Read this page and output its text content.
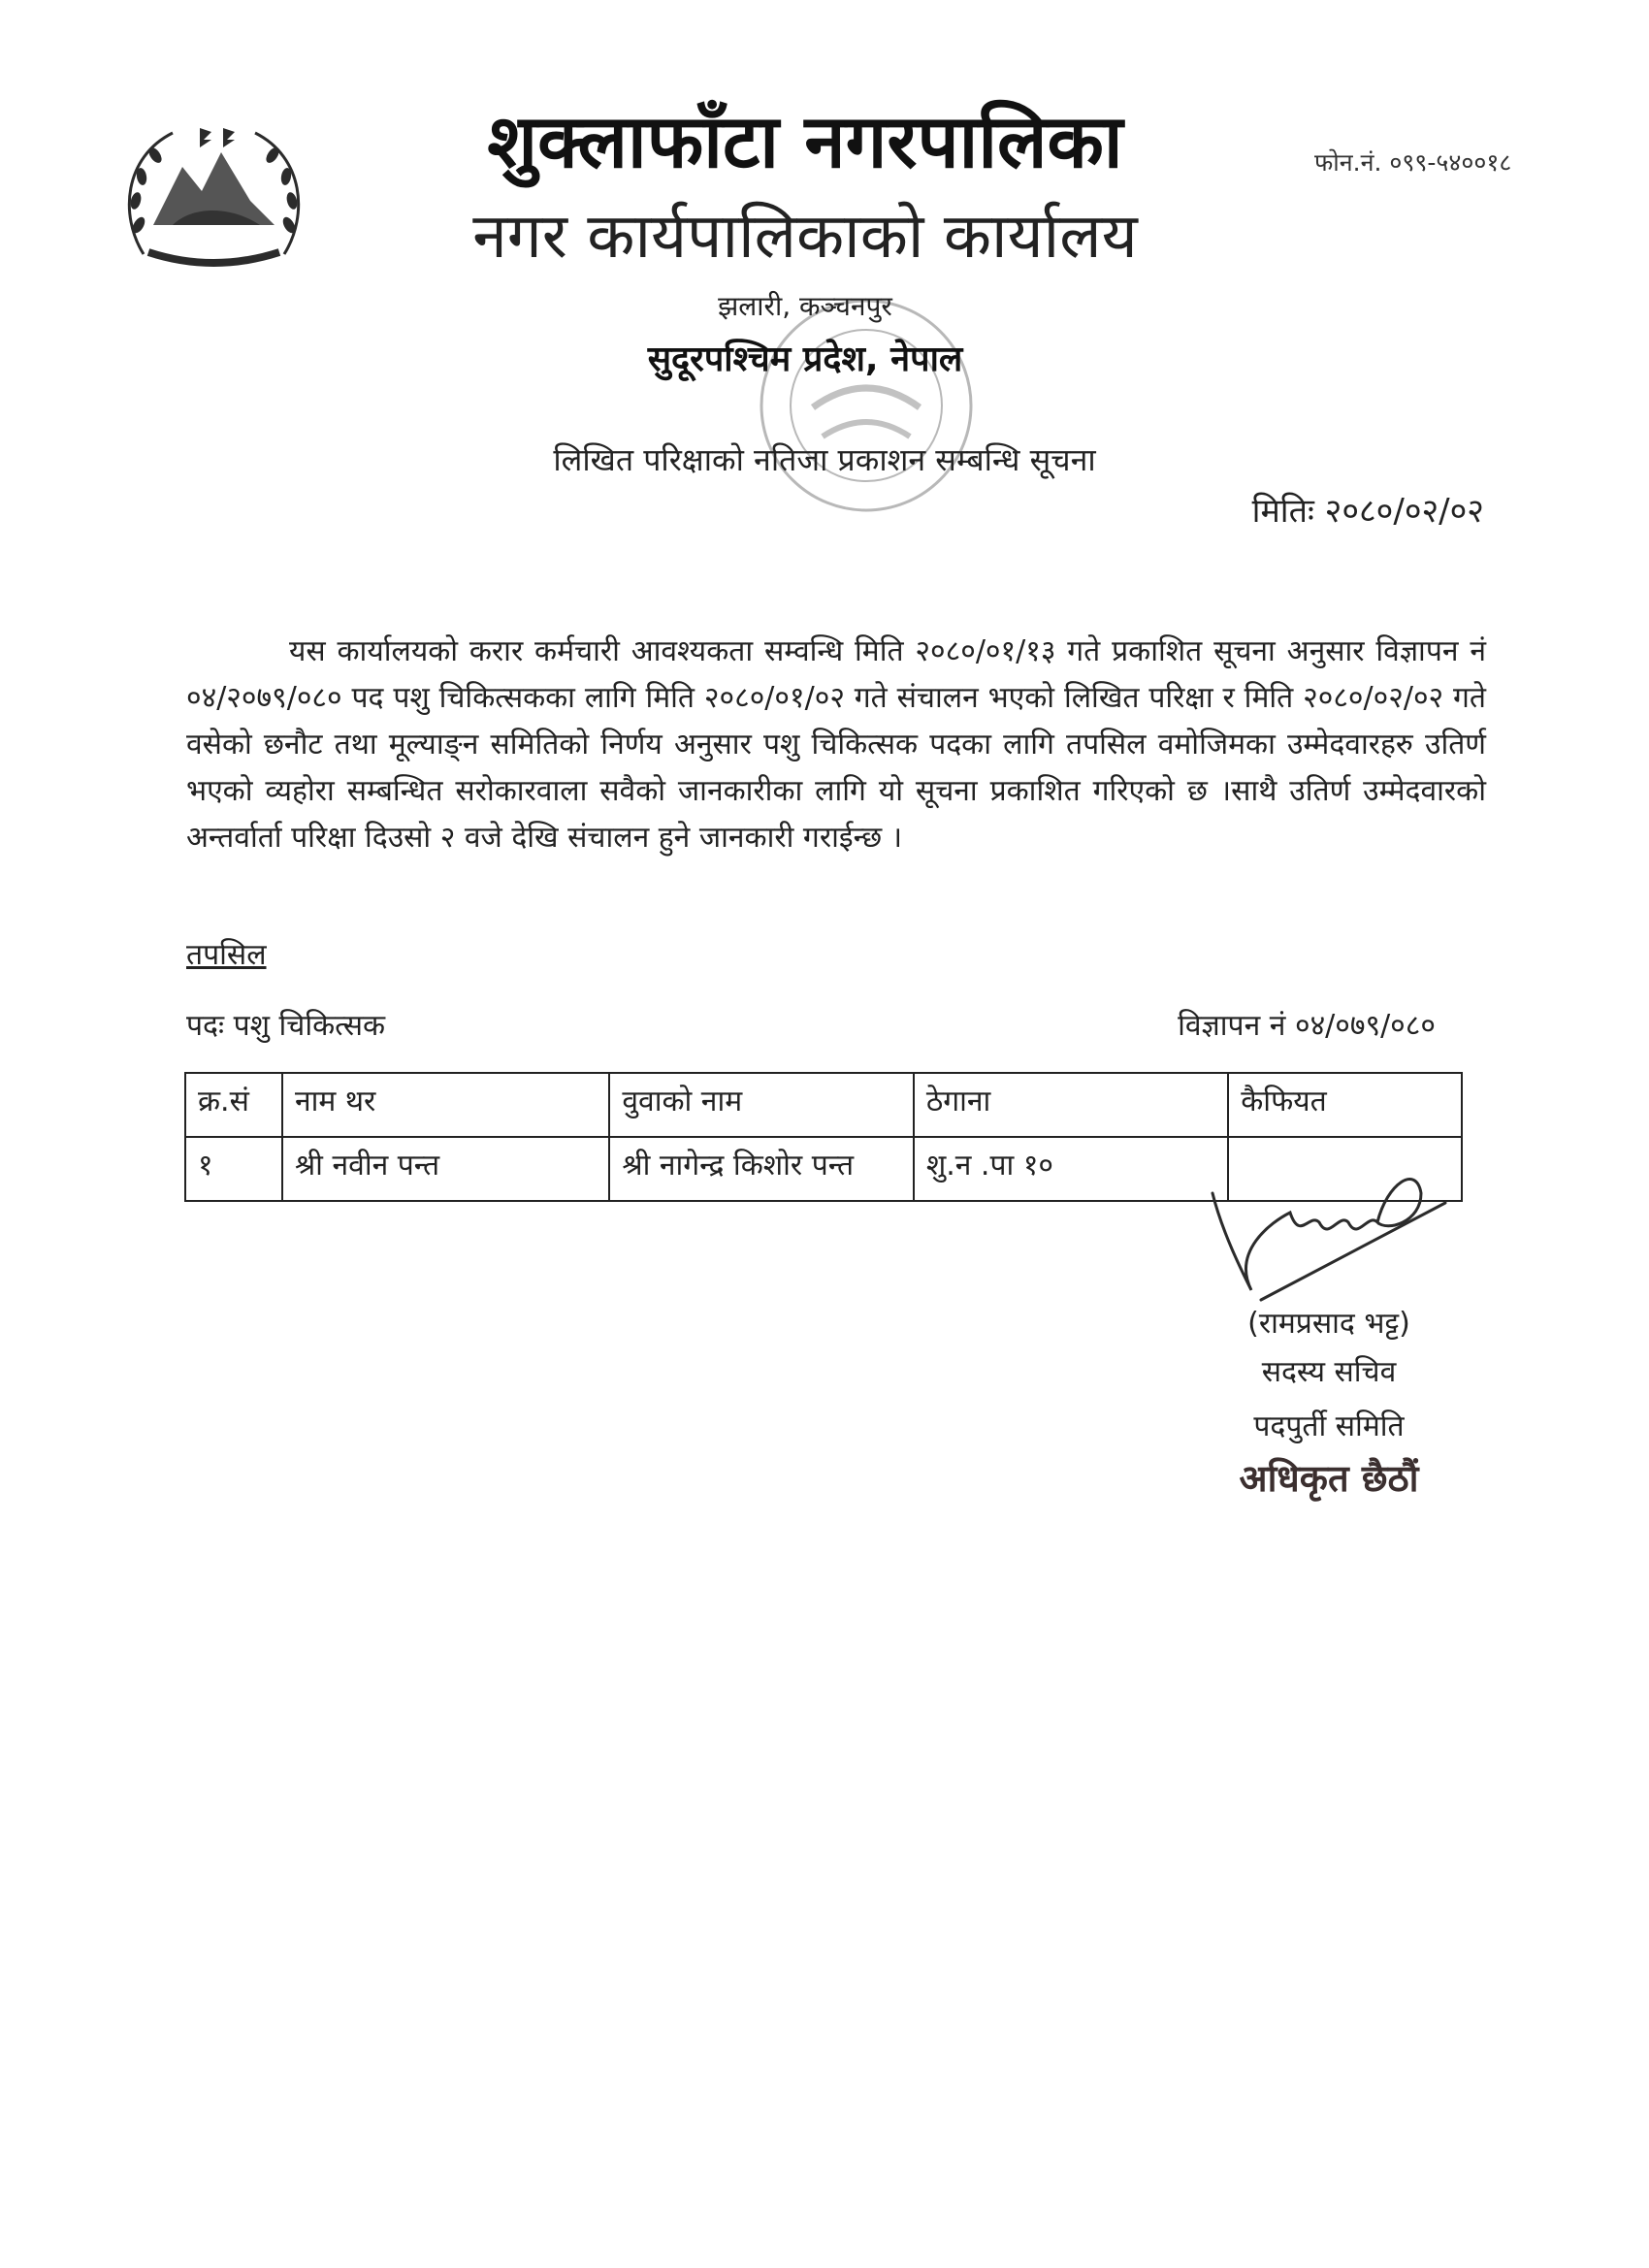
शुक्लाफाँटा नगरपालिका
नगर कार्यपालिकाको कार्यालय
फोन.नं. ०९९-५४००१८
झलारी, कञ्चनपुर
सुदूरपश्चिम प्रदेश, नेपाल
लिखित परिक्षाको नतिजा प्रकाशन सम्बन्धि सूचना
मितिः २०८०/०२/०२
यस कार्यालयको करार कर्मचारी आवश्यकता सम्वन्धि मिति २०८०/०१/१३ गते प्रकाशित सूचना अनुसार विज्ञापन नं ०४/२०७९/०८० पद पशु चिकित्सकका लागि मिति २०८०/०१/०२ गते संचालन भएको लिखित परिक्षा र मिति २०८०/०२/०२ गते वसेको छनौट तथा मूल्याङ्न समितिको निर्णय अनुसार पशु चिकित्सक पदका लागि तपसिल वमोजिमका उम्मेदवारहरु उतिर्ण भएको व्यहोरा सम्बन्धित सरोकारवाला सवैको जानकारीका लागि यो सूचना प्रकाशित गरिएको छ ।साथै उतिर्ण उम्मेदवारको अन्तर्वार्ता परिक्षा दिउसो २ वजे देखि संचालन हुने जानकारी गराईन्छ ।
तपसिल
पदः पशु चिकित्सक	विज्ञापन नं ०४/०७९/०८०
क्र.सं	नाम थर	वुवाको नाम	ठेगाना	कैफियत
१	श्री नवीन पन्त	श्री नागेन्द्र किशोर पन्त	शु.न .पा १०	
(रामप्रसाद भट्ट)
सदस्य सचिव
पदपुर्ती समिति
अधिकृत छैठौं
